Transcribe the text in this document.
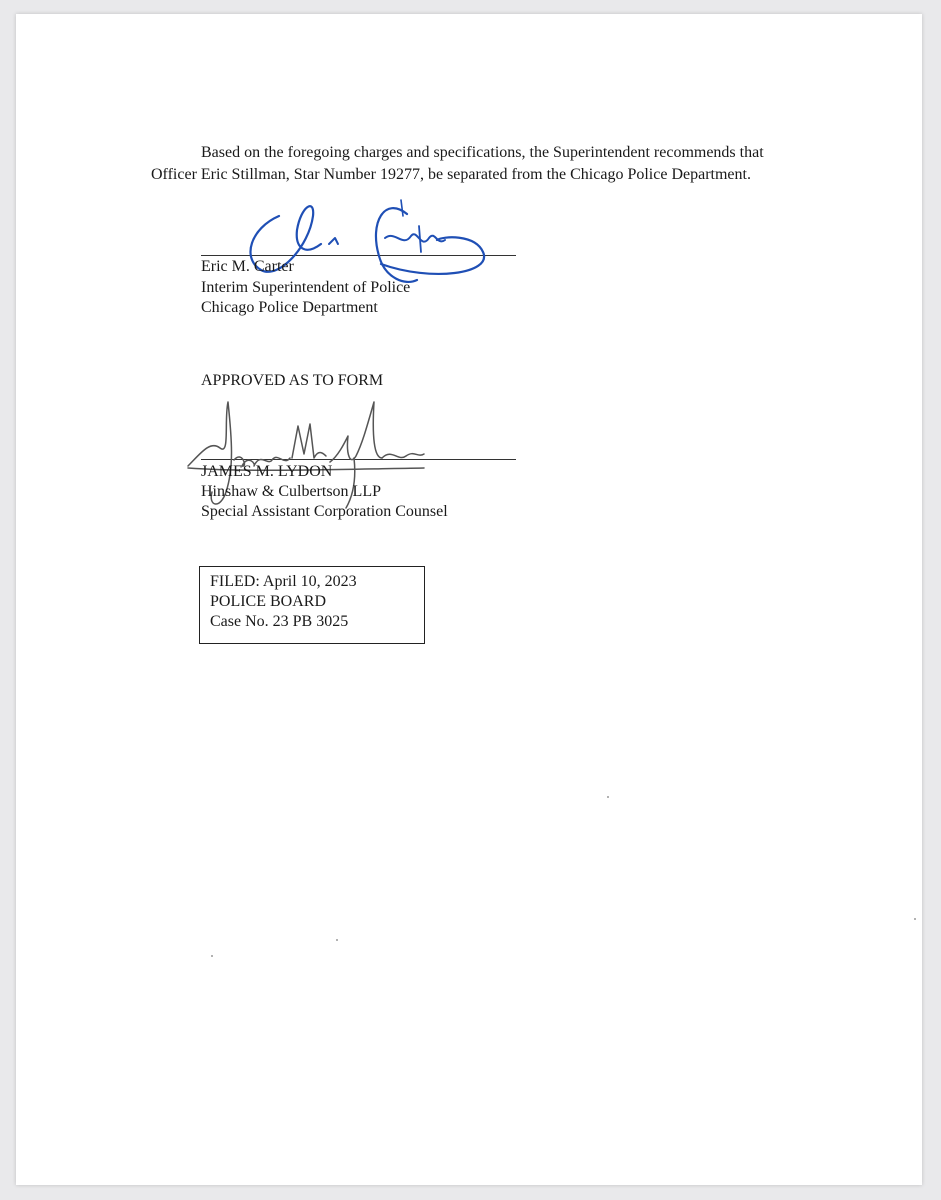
Based on the foregoing charges and specifications, the Superintendent recommends that
Officer Eric Stillman, Star Number 19277, be separated from the Chicago Police Department.
Eric M. Carter
Interim Superintendent of Police
Chicago Police Department
APPROVED AS TO FORM
JAMES M. LYDON
Hinshaw & Culbertson LLP
Special Assistant Corporation Counsel
FILED: April 10, 2023
POLICE BOARD
Case No. 23 PB 3025
